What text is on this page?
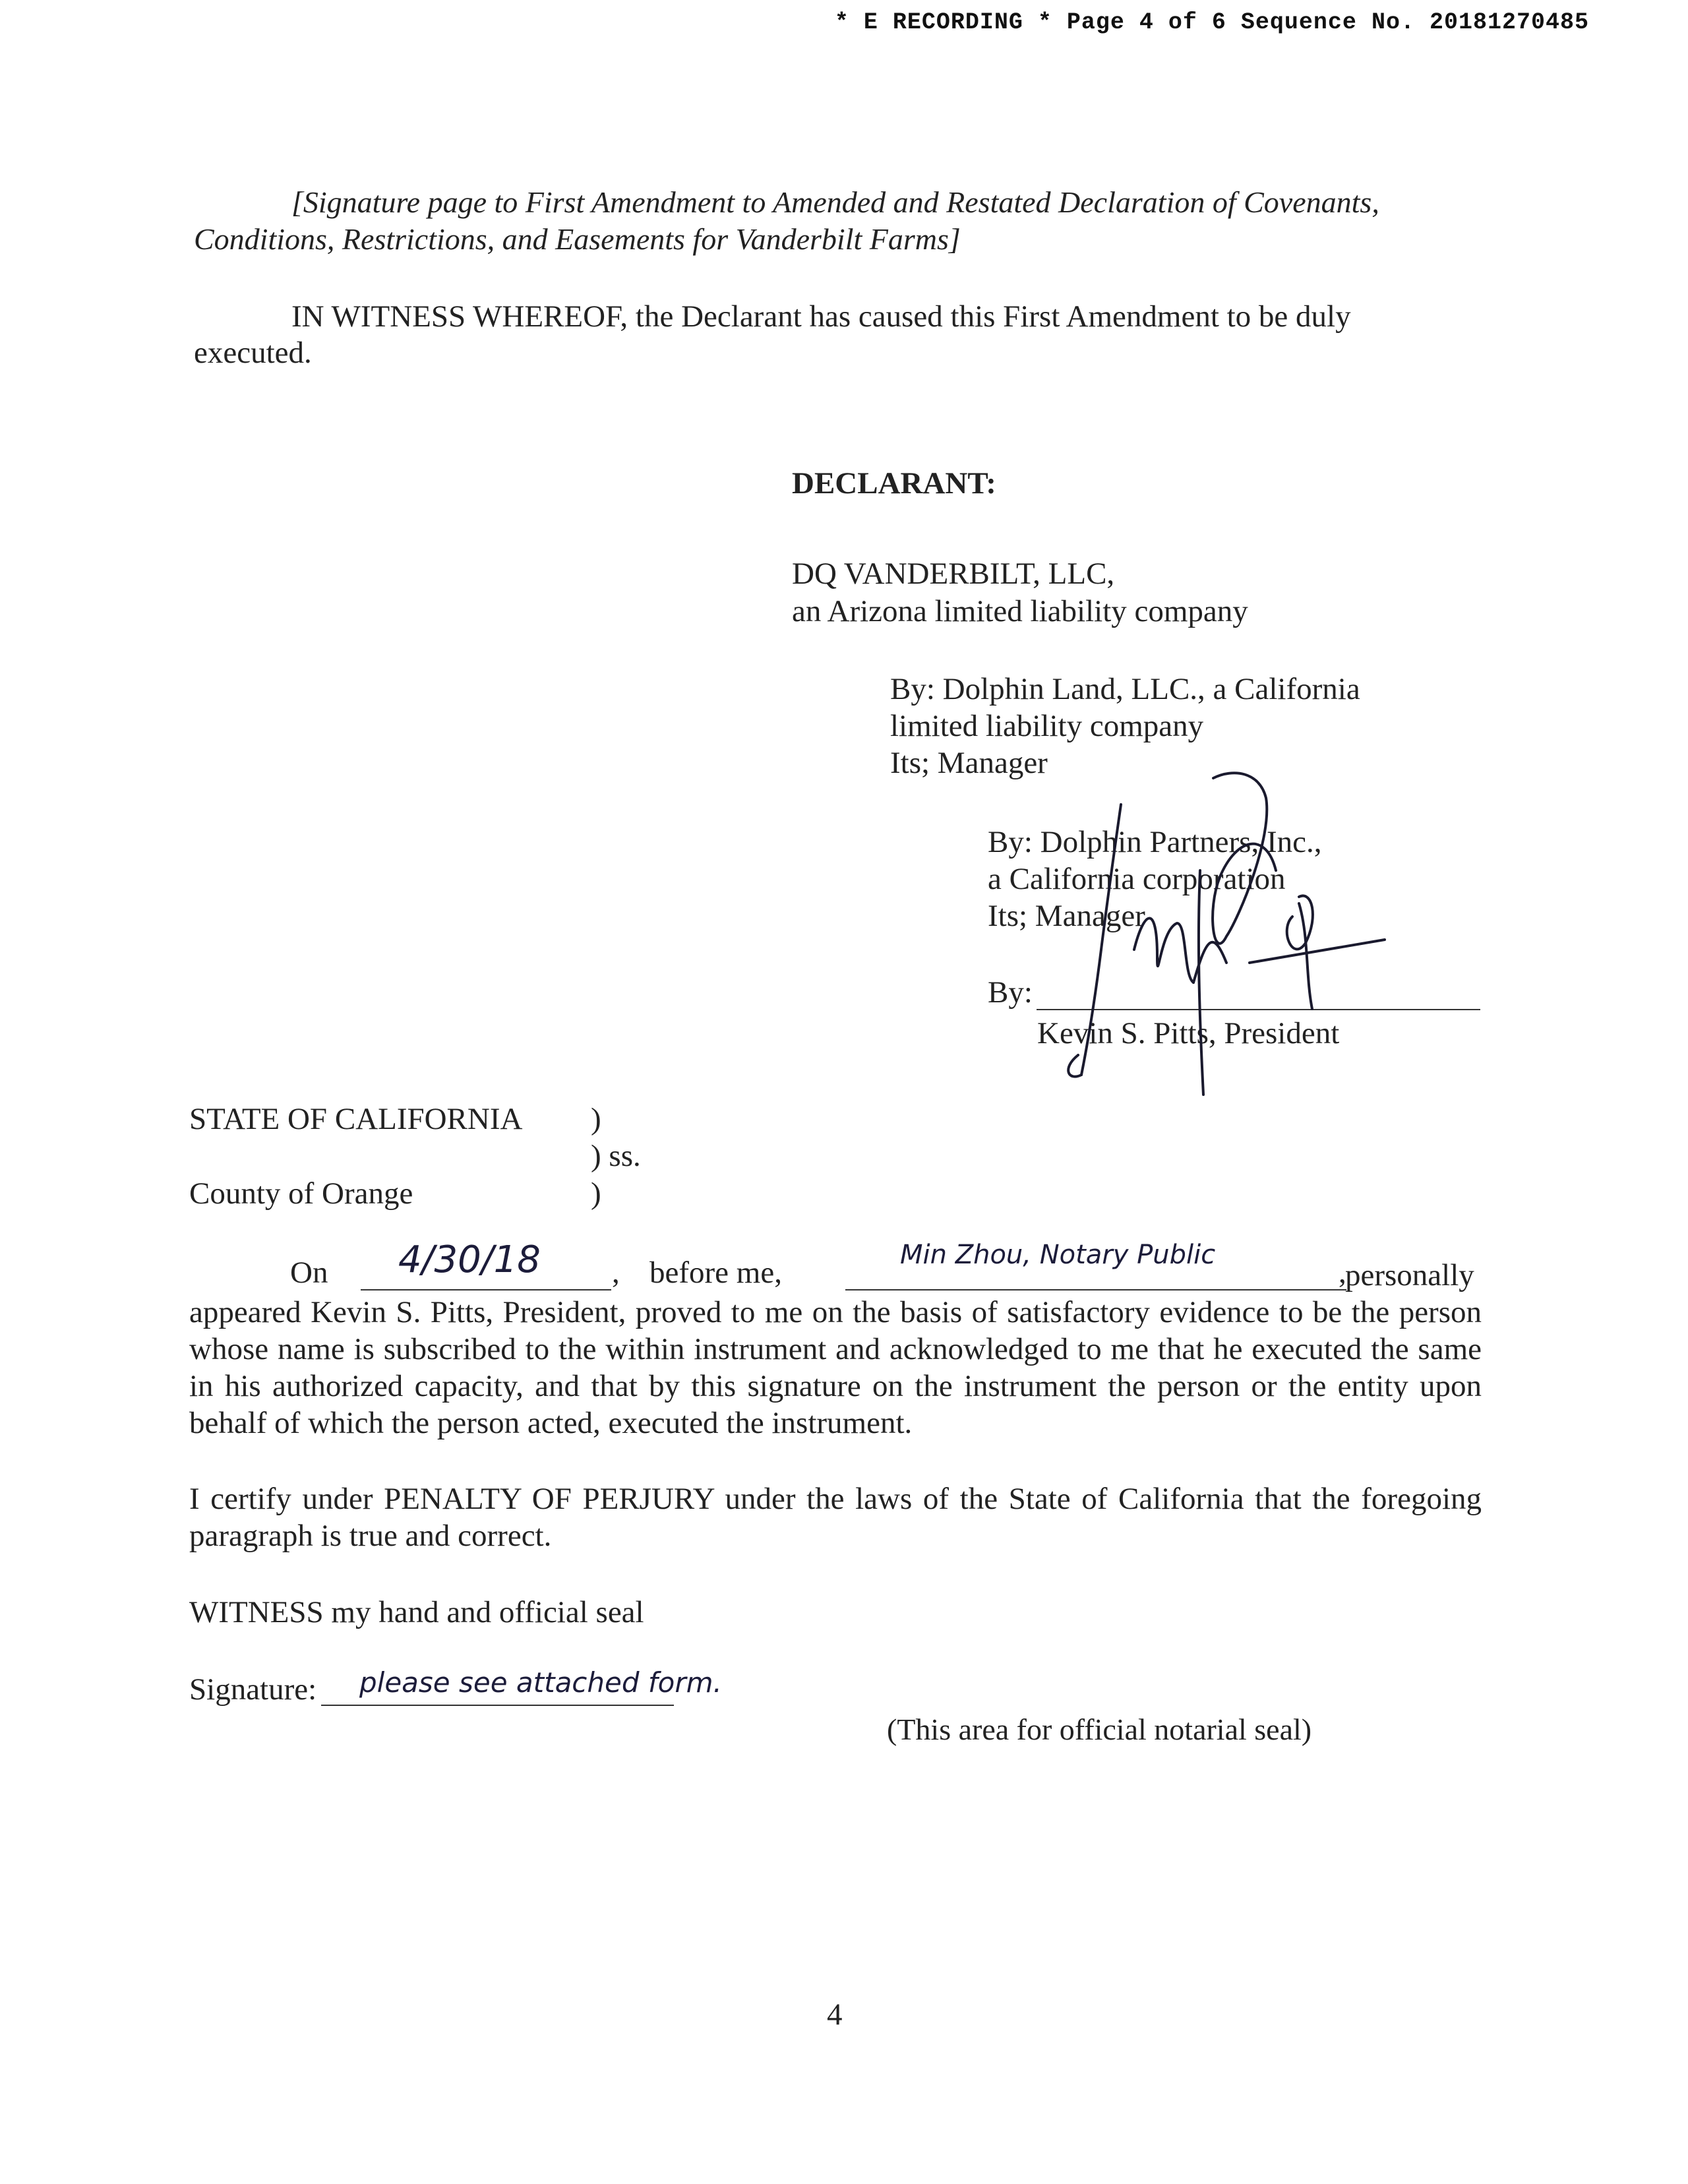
* E RECORDING * Page 4 of 6 Sequence No. 20181270485
[Signature page to First Amendment to Amended and Restated Declaration of Covenants,
Conditions, Restrictions, and Easements for Vanderbilt Farms]
IN WITNESS WHEREOF, the Declarant has caused this First Amendment to be duly
executed.
DECLARANT:
DQ VANDERBILT, LLC,
an Arizona limited liability company
By: Dolphin Land, LLC., a California
limited liability company
Its; Manager
By: Dolphin Partners, Inc.,
a California corporation
Its; Manager
By:
Kevin S. Pitts, President
STATE OF CALIFORNIA )
) ss.
County of Orange	)
On 4/30/18 , before me,
Min Zhou, Notary Public
,
personally
appeared Kevin S. Pitts, President, proved to me on the basis of satisfactory evidence to be the person whose name is subscribed to the within instrument and acknowledged to me that he executed the same in his authorized capacity, and that by this signature on the instrument the person or the entity upon behalf of which the person acted, executed the instrument.
I certify under PENALTY OF PERJURY under the laws of the State of California that the foregoing paragraph is true and correct.
WITNESS my hand and official seal
Signature: please see attached form.
(This area for official notarial seal)
4
